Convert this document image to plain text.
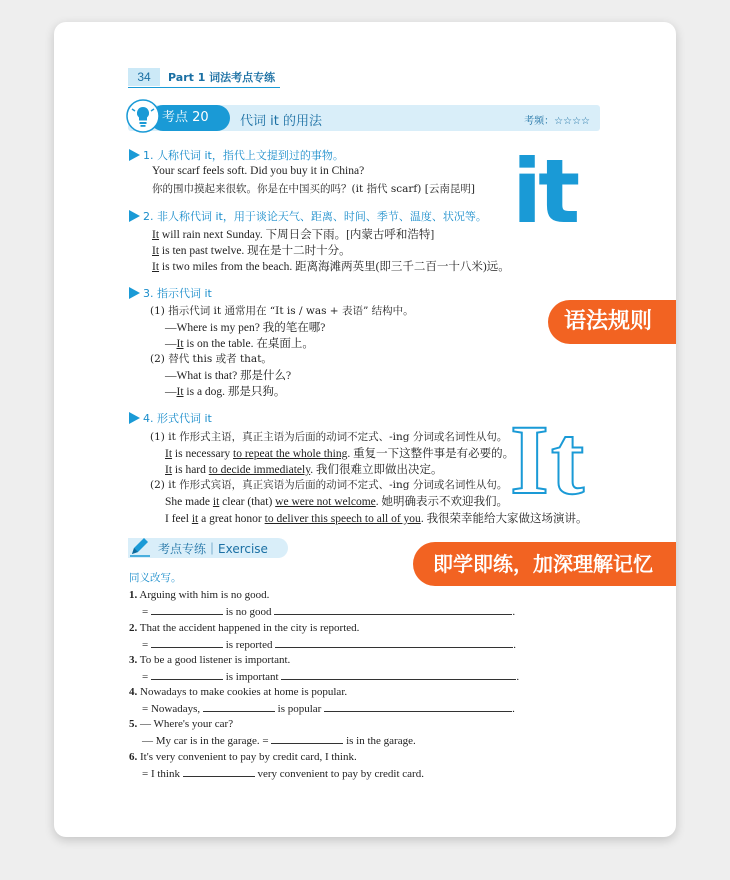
34	Part 1 词法考点专练
考点 20	代词 it 的用法	考频：☆☆☆☆
1. 人称代词 it，指代上文提到过的事物。
Your scarf feels soft. Did you buy it in China?
你的围巾摸起来很软。你是在中国买的吗？(it 指代 scarf) [云南昆明]
2. 非人称代词 it，用于谈论天气、距离、时间、季节、温度、状况等。
It will rain next Sunday. 下周日会下雨。[内蒙古呼和浩特]
It is ten past twelve. 现在是十二时十分。
It is two miles from the beach. 距离海滩两英里(即三千二百一十八米)远。
3. 指示代词 it
(1) 指示代词 it 通常用在 “It is / was + 表语” 结构中。
—Where is my pen? 我的笔在哪?
—It is on the table. 在桌面上。
(2) 替代 this 或者 that。
—What is that? 那是什么?
—It is a dog. 那是只狗。
4. 形式代词 it
(1) it 作形式主语，真正主语为后面的动词不定式、-ing 分词或名词性从句。
It is necessary to repeat the whole thing. 重复一下这整件事是有必要的。
It is hard to decide immediately. 我们很难立即做出决定。
(2) it 作形式宾语，真正宾语为后面的动词不定式、-ing 分词或名词性从句。
She made it clear (that) we were not welcome. 她明确表示不欢迎我们。
I feel it a great honor to deliver this speech to all of you. 我很荣幸能给大家做这场演讲。
it
It
语法规则
即学即练，加深理解记忆
考点专练｜Exercise
同义改写。
1. Arguing with him is no good.
=	is no good	.
2. That the accident happened in the city is reported.
=	is reported	.
3. To be a good listener is important.
=	is important	.
4. Nowadays to make cookies at home is popular.
= Nowadays,	is popular	.
5. — Where's your car?
— My car is in the garage. =	is in the garage.
6. It's very convenient to pay by credit card, I think.
= I think	very convenient to pay by credit card.
